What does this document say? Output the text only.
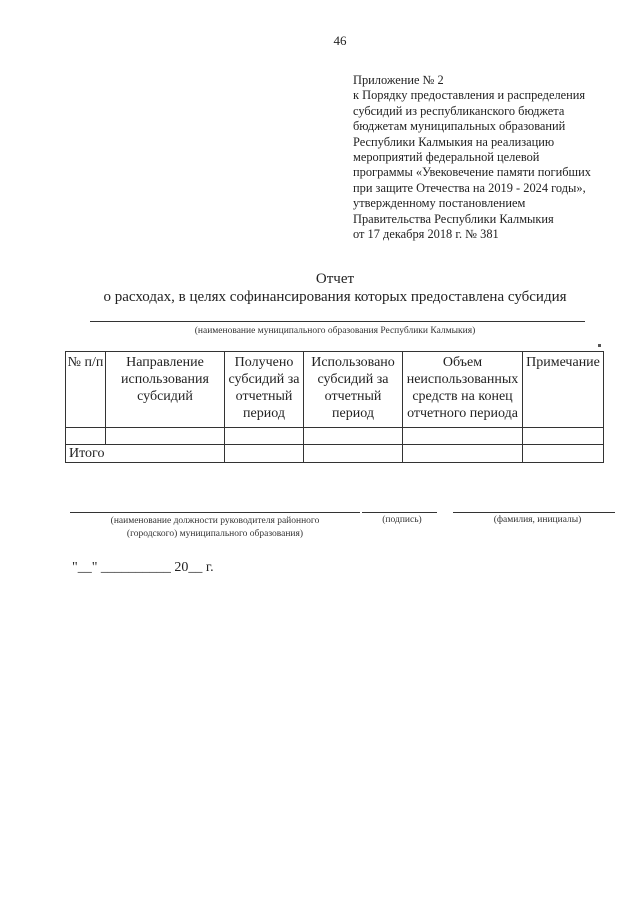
46
Приложение № 2
к Порядку предоставления и распределения
субсидий из республиканского бюджета
бюджетам муниципальных образований
Республики Калмыкия на реализацию
мероприятий федеральной целевой
программы «Увековечение памяти погибших
при защите Отечества на 2019 - 2024 годы»,
утвержденному постановлением
Правительства Республики Калмыкия
от 17 декабря 2018 г. № 381
Отчет
о расходах, в целях софинансирования которых предоставлена субсидия
(наименование муниципального образования Республики Калмыкия)
№ п/п	Направление использования субсидий	Получено субсидий за отчетный период	Использовано субсидий за отчетный период	Объем неиспользованных средств на конец отчетного периода	Примечание

Итого					
(наименование должности руководителя районного
(городского) муниципального образования)
(подпись)	(фамилия, инициалы)
"__" __________ 20__ г.
